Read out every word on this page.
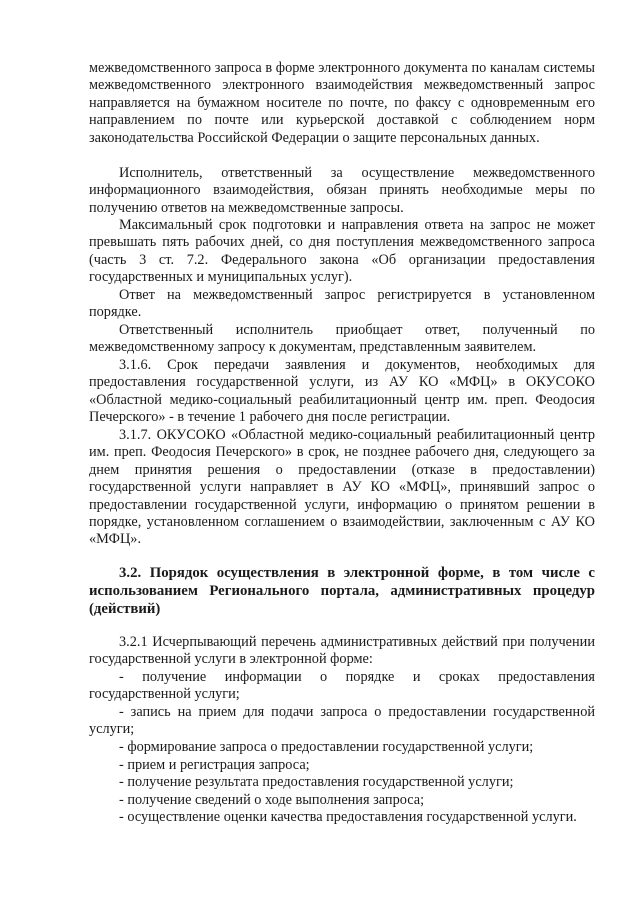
межведомственного запроса в форме электронного документа по каналам системы межведомственного электронного взаимодействия межведомственный запрос направляется на бумажном носителе по почте, по факсу с одновременным его направлением по почте или курьерской доставкой с соблюдением норм законодательства Российской Федерации о защите персональных данных.

Исполнитель, ответственный за осуществление межведомственного информационного взаимодействия, обязан принять необходимые меры по получению ответов на межведомственные запросы.

Максимальный срок подготовки и направления ответа на запрос не может превышать пять рабочих дней, со дня поступления межведомственного запроса (часть 3 ст. 7.2. Федерального закона «Об организации предоставления государственных и муниципальных услуг).

Ответ на межведомственный запрос регистрируется в установленном порядке.

Ответственный исполнитель приобщает ответ, полученный по межведомственному запросу к документам, представленным заявителем.

3.1.6. Срок передачи заявления и документов, необходимых для предоставления государственной услуги, из АУ КО «МФЦ» в ОКУСОКО «Областной медико-социальный реабилитационный центр им. преп. Феодосия Печерского» - в течение 1 рабочего дня после регистрации.

3.1.7. ОКУСОКО «Областной медико-социальный реабилитационный центр им. преп. Феодосия Печерского» в срок, не позднее рабочего дня, следующего за днем принятия решения о предоставлении (отказе в предоставлении) государственной услуги направляет в АУ КО «МФЦ», принявший запрос о предоставлении государственной услуги, информацию о принятом решении в порядке, установленном соглашением о взаимодействии, заключенным с АУ КО «МФЦ».

3.2. Порядок осуществления в электронной форме, в том числе с использованием Регионального портала, административных процедур (действий)

3.2.1 Исчерпывающий перечень административных действий при получении государственной услуги в электронной форме:

- получение информации о порядке и сроках предоставления государственной услуги;

- запись на прием для подачи запроса о предоставлении государственной услуги;

- формирование запроса о предоставлении государственной услуги;

- прием и регистрация запроса;

- получение результата предоставления государственной услуги;

- получение сведений о ходе выполнения запроса;

- осуществление оценки качества предоставления государственной услуги.
